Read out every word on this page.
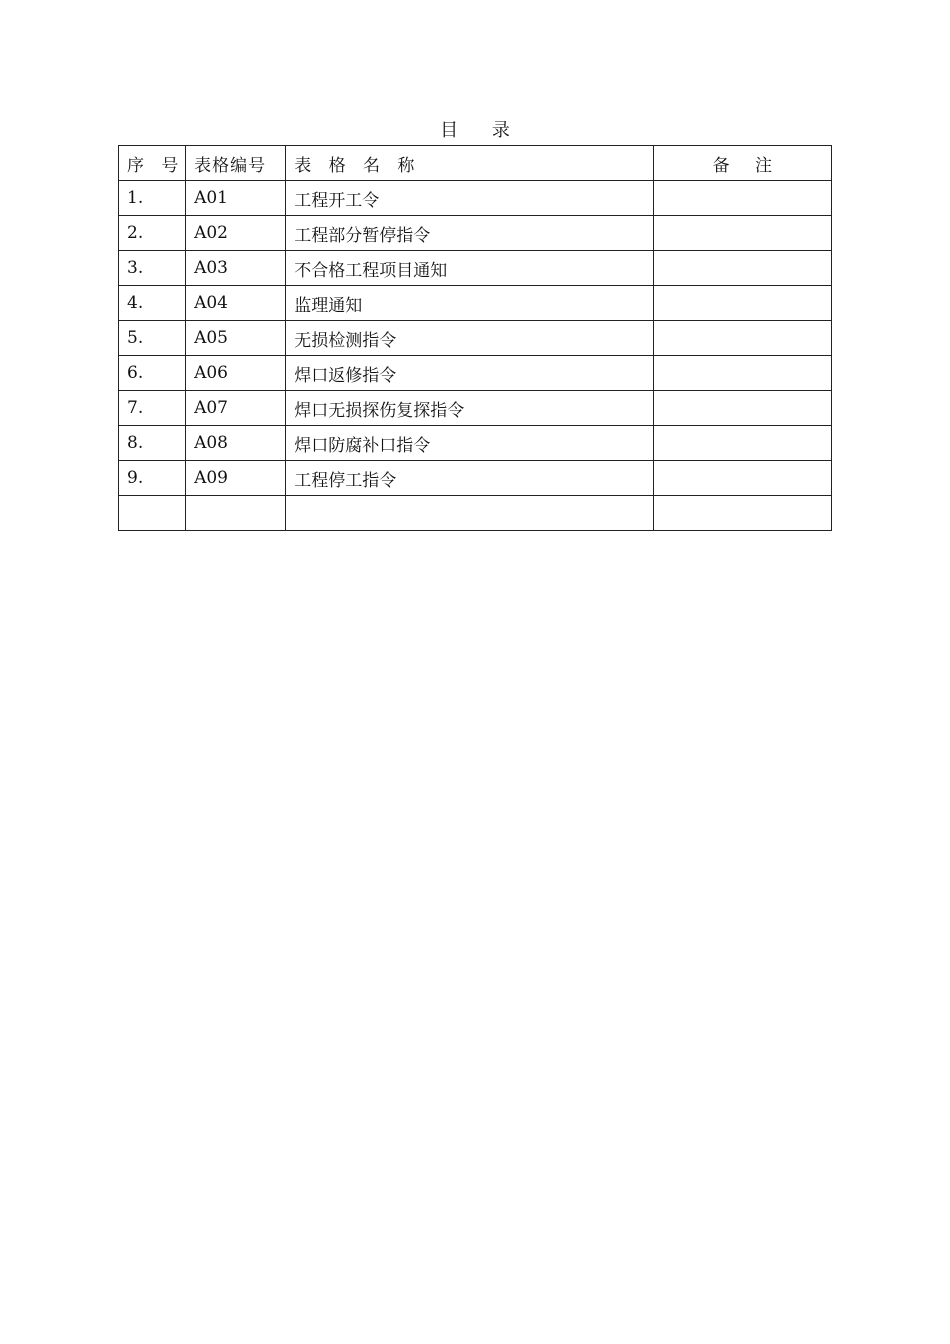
目 录
序 号	表格编号	表 格 名 称	备 注
1.	A01	工程开工令	
2.	A02	工程部分暂停指令	
3.	A03	不合格工程项目通知	
4.	A04	监理通知	
5.	A05	无损检测指令	
6.	A06	焊口返修指令	
7.	A07	焊口无损探伤复探指令	
8.	A08	焊口防腐补口指令	
9.	A09	工程停工指令	
